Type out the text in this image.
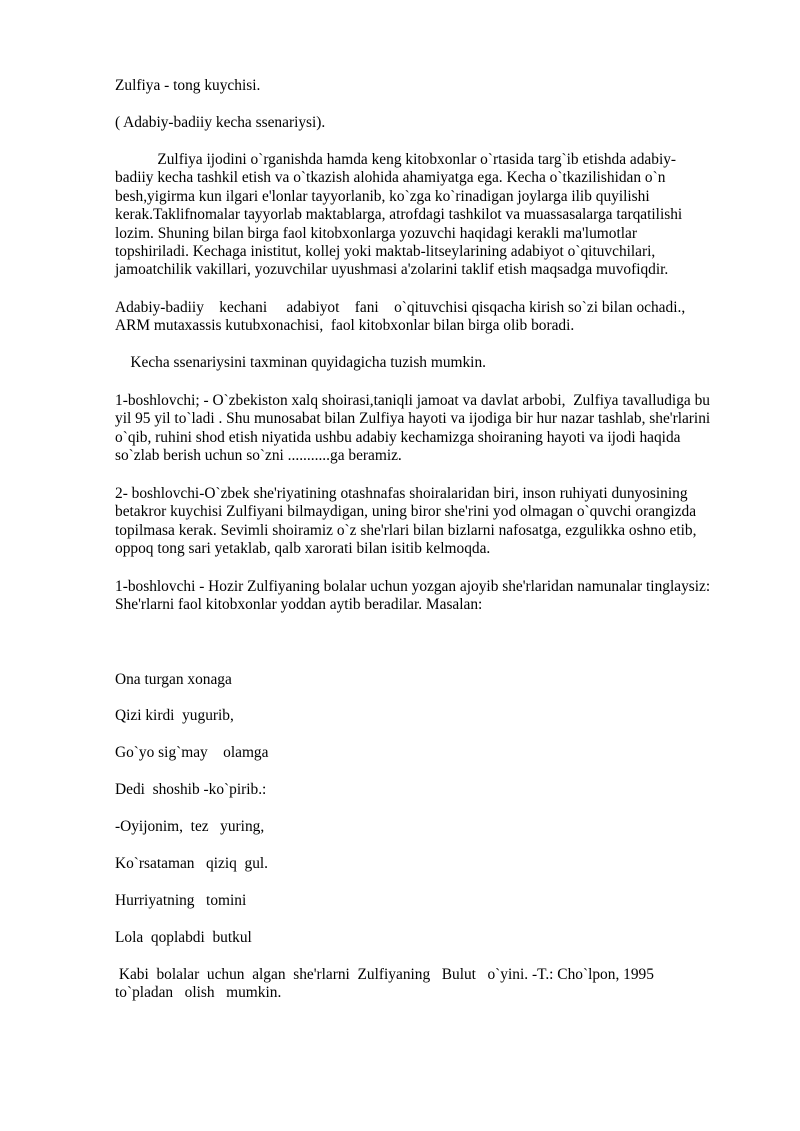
Zulfiya - tong kuychisi.

( Adabiy-badiiy kecha ssenariysi).

Zulfiya ijodini o`rganishda hamda keng kitobxonlar o`rtasida targ`ib etishda adabiy-
badiiy kecha tashkil etish va o`tkazish alohida ahamiyatga ega. Kecha o`tkazilishidan o`n
besh,yigirma kun ilgari e'lonlar tayyorlanib, ko`zga ko`rinadigan joylarga ilib quyilishi
kerak.Taklifnomalar tayyorlab maktablarga, atrofdagi tashkilot va muassasalarga tarqatilishi
lozim. Shuning bilan birga faol kitobxonlarga yozuvchi haqidagi kerakli ma'lumotlar
topshiriladi. Kechaga inistitut, kollej yoki maktab-litseylarining adabiyot o`qituvchilari,
jamoatchilik vakillari, yozuvchilar uyushmasi a'zolarini taklif etish maqsadga muvofiqdir.
Adabiy-badiiy    kechani     adabiyot    fani    o`qituvchisi qisqacha kirish so`zi bilan ochadi.,
ARM mutaxassis kutubxonachisi,  faol kitobxonlar bilan birga olib boradi.

Kecha ssenariysini taxminan quyidagicha tuzish mumkin.

1-boshlovchi; - O`zbekiston xalq shoirasi,taniqli jamoat va davlat arbobi,  Zulfiya tavalludiga bu
yil 95 yil to`ladi . Shu munosabat bilan Zulfiya hayoti va ijodiga bir hur nazar tashlab, she'rlarini
o`qib, ruhini shod etish niyatida ushbu adabiy kechamizga shoiraning hayoti va ijodi haqida
so`zlab berish uchun so`zni ...........ga beramiz.
2- boshlovchi-O`zbek she'riyatining otashnafas shoiralaridan biri, inson ruhiyati dunyosining
betakror kuychisi Zulfiyani bilmaydigan, uning biror she'rini yod olmagan o`quvchi orangizda
topilmasa kerak. Sevimli shoiramiz o`z she'rlari bilan bizlarni nafosatga, ezgulikka oshno etib,
oppoq tong sari yetaklab, qalb xarorati bilan isitib kelmoqda.
1-boshlovchi - Hozir Zulfiyaning bolalar uchun yozgan ajoyib she'rlaridan namunalar tinglaysiz:
She'rlarni faol kitobxonlar yoddan aytib beradilar. Masalan:

Ona turgan xonaga

Qizi kirdi  yugurib,

Go`yo sig`may    olamga

Dedi  shoshib -ko`pirib.:

-Oyijonim,  tez   yuring,

Ko`rsataman   qiziq  gul.

Hurriyatning   tomini

Lola  qoplabdi  butkul

Kabi  bolalar  uchun  algan  she'rlarni  Zulfiyaning   Bulut   o`yini. -T.: Cho`lpon, 1995
to`pladan   olish   mumkin.
